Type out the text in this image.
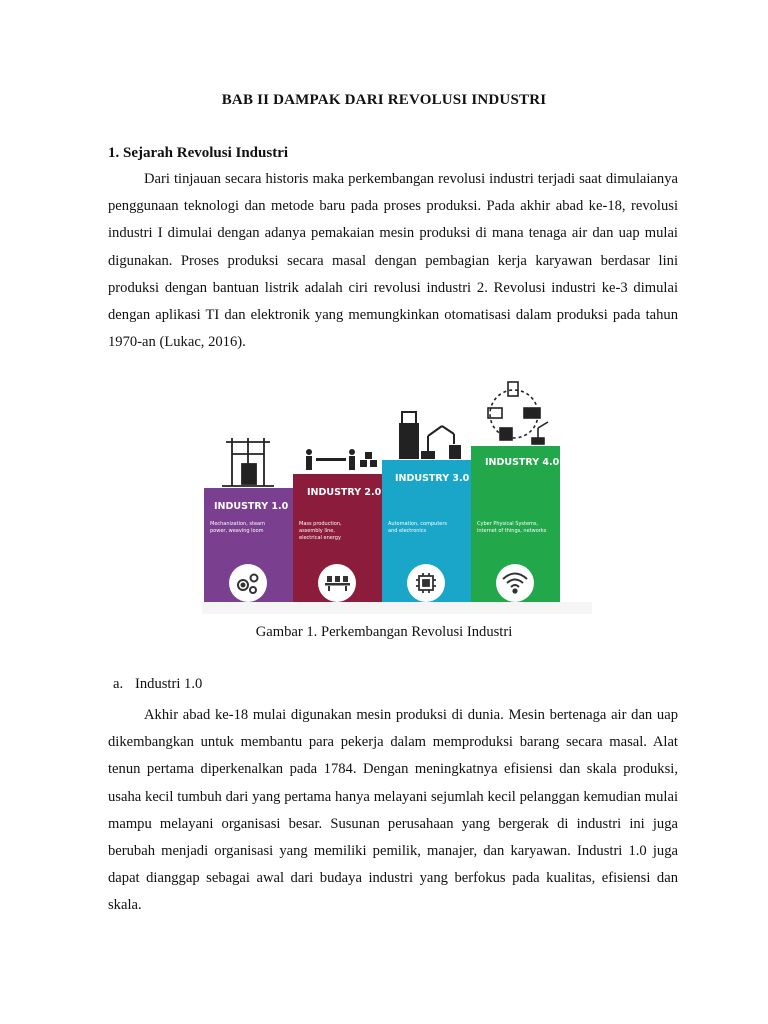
BAB II DAMPAK DARI REVOLUSI INDUSTRI
1. Sejarah Revolusi Industri

Dari tinjauan secara historis maka perkembangan revolusi industri terjadi saat dimulaianya penggunaan teknologi dan metode baru pada proses produksi. Pada akhir abad ke-18, revolusi industri I dimulai dengan adanya pemakaian mesin produksi di mana tenaga air dan uap mulai digunakan. Proses produksi secara masal dengan pembagian kerja karyawan berdasar lini produksi dengan bantuan listrik adalah ciri revolusi industri 2. Revolusi industri ke-3 dimulai dengan aplikasi TI dan elektronik yang memungkinkan otomatisasi dalam produksi pada tahun 1970-an (Lukac, 2016).

INDUSTRY 1.0
Mechanization, steam
power, weaving loom
INDUSTRY 2.0
Mass production,
assembly line,
electrical energy
INDUSTRY 3.0
Automation, computers
and electronics
INDUSTRY 4.0
Cyber Physical Systems,
internet of things, networks
Gambar 1. Perkembangan Revolusi Industri
a. Industri 1.0

Akhir abad ke-18 mulai digunakan mesin produksi di dunia. Mesin bertenaga air dan uap dikembangkan untuk membantu para pekerja dalam memproduksi barang secara masal. Alat tenun pertama diperkenalkan pada 1784. Dengan meningkatnya efisiensi dan skala produksi, usaha kecil tumbuh dari yang pertama hanya melayani sejumlah kecil pelanggan kemudian mulai mampu melayani organisasi besar. Susunan perusahaan yang bergerak di industri ini juga berubah menjadi organisasi yang memiliki pemilik, manajer, dan karyawan. Industri 1.0 juga dapat dianggap sebagai awal dari budaya industri yang berfokus pada kualitas, efisiensi dan skala.
